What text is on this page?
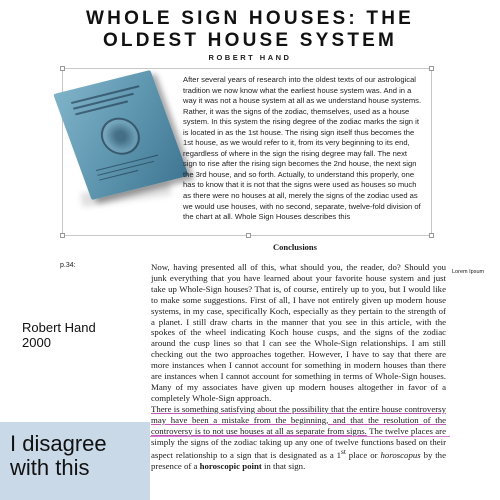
WHOLE SIGN HOUSES: THE
OLDEST HOUSE SYSTEM
ROBERT HAND
After several years of research into the oldest texts of our astrological tradition we now know what the earliest house system was. And in a way it was not a house system at all as we understand house systems. Rather, it was the signs of the zodiac, themselves, used as a house system. In this system the rising degree of the zodiac marks the sign it is located in as the 1st house. The rising sign itself thus becomes the 1st house, as we would refer to it, from its very beginning to its end, regardless of where in the sign the rising degree may fall. The next sign to rise after the rising sign becomes the 2nd house, the next sign the 3rd house, and so forth. Actually, to understand this properly, one has to know that it is not that the signs were used as houses so much as there were no houses at all, merely the signs of the zodiac used as we would use houses, with no second, separate, twelve-fold division of the chart at all. Whole Sign Houses describes this
Conclusions
p.34:
Lorem Ipsum
Robert Hand
2000

Now, having presented all of this, what should you, the reader, do? Should you junk everything that you have learned about your favorite house system and just take up Whole-Sign houses? That is, of course, entirely up to you, but I would like to make some suggestions. First of all, I have not entirely given up modern house systems, in my case, specifically Koch, especially as they pertain to the strength of a planet. I still draw charts in the manner that you see in this article, with the spokes of the wheel indicating Koch house cusps, and the signs of the zodiac around the cusp lines so that I can see the Whole-Sign relationships. I am still checking out the two approaches together. However, I have to say that there are more instances when I cannot account for something in modern houses than there are instances when I cannot account for something in terms of Whole-Sign houses. Many of my associates have given up modern houses altogether in favor of a completely Whole-Sign approach.

There is something satisfying about the possibility that the entire house controversy may have been a mistake from the beginning, and that the resolution of the controversy is to not use houses at all as separate from signs. The twelve places are simply the signs of the zodiac taking up any one of twelve functions based on their aspect relationship to a sign that is designated as a 1st place or horoscopus by the presence of a horoscopic point in that sign.

I disagree
with this
